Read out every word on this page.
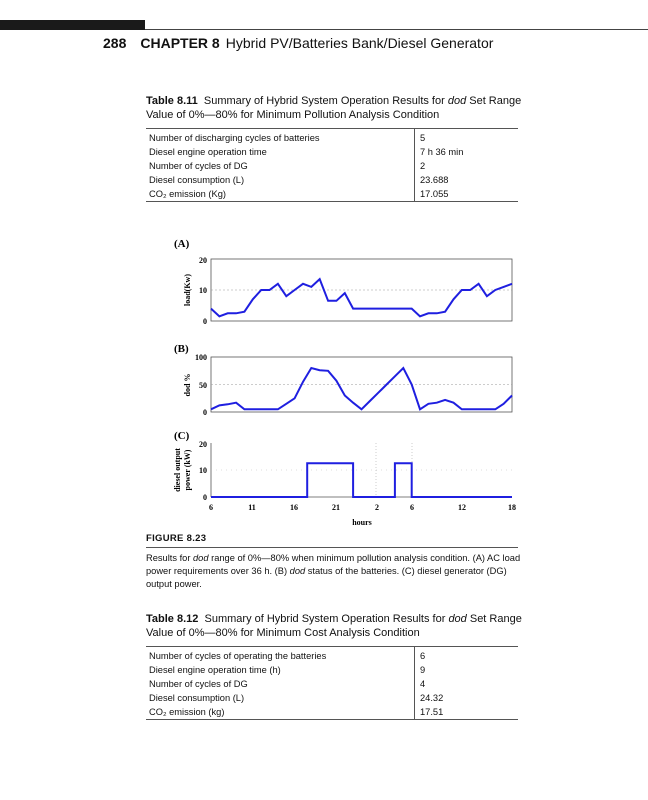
288 CHAPTER 8 Hybrid PV/Batteries Bank/Diesel Generator
Table 8.11 Summary of Hybrid System Operation Results for dod Set Range Value of 0%—80% for Minimum Pollution Analysis Condition
Number of discharging cycles of batteries	5
Diesel engine operation time	7 h 36 min
Number of cycles of DG	2
Diesel consumption (L)	23.688
CO₂ emission (Kg)	17.055
(A)
20
10
0
load(Kw)
(B)
100
50
0
dod %
(C)
20
10
0
diesel outputpower (kW)
6	11	16	21	2	6	12	18
hours
FIGURE 8.23
Results for dod range of 0%—80% when minimum pollution analysis condition. (A) AC load power requirements over 36 h. (B) dod status of the batteries. (C) diesel generator (DG) output power.
Table 8.12 Summary of Hybrid System Operation Results for dod Set Range Value of 0%—80% for Minimum Cost Analysis Condition
Number of cycles of operating the batteries	6
Diesel engine operation time (h)	9
Number of cycles of DG	4
Diesel consumption (L)	24.32
CO₂ emission (kg)	17.51
